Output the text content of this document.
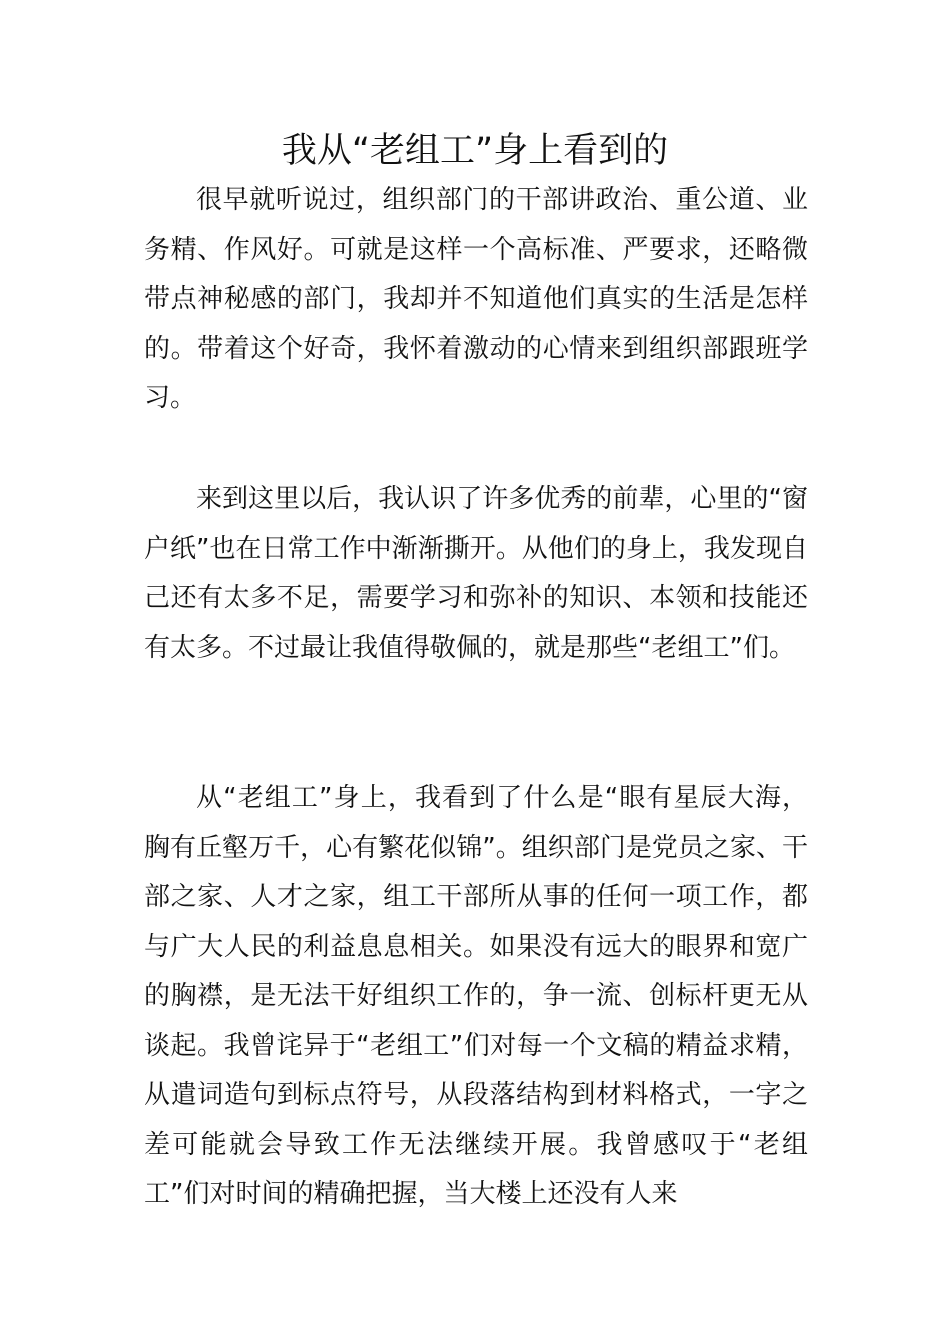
我从“老组工”身上看到的

很早就听说过，组织部门的干部讲政治、重公道、业务精、作风好。可就是这样一个高标准、严要求，还略微带点神秘感的部门，我却并不知道他们真实的生活是怎样的。带着这个好奇，我怀着激动的心情来到组织部跟班学习。

来到这里以后，我认识了许多优秀的前辈，心里的“窗户纸”也在日常工作中渐渐撕开。从他们的身上，我发现自己还有太多不足，需要学习和弥补的知识、本领和技能还有太多。不过最让我值得敬佩的，就是那些“老组工”们。

从“老组工”身上，我看到了什么是“眼有星辰大海，胸有丘壑万千，心有繁花似锦”。组织部门是党员之家、干部之家、人才之家，组工干部所从事的任何一项工作，都与广大人民的利益息息相关。如果没有远大的眼界和宽广的胸襟，是无法干好组织工作的，争一流、创标杆更无从谈起。我曾诧异于“老组工”们对每一个文稿的精益求精，从遣词造句到标点符号，从段落结构到材料格式，一字之差可能就会导致工作无法继续开展。我曾感叹于“老组工”们对时间的精确把握，当大楼上还没有人来
